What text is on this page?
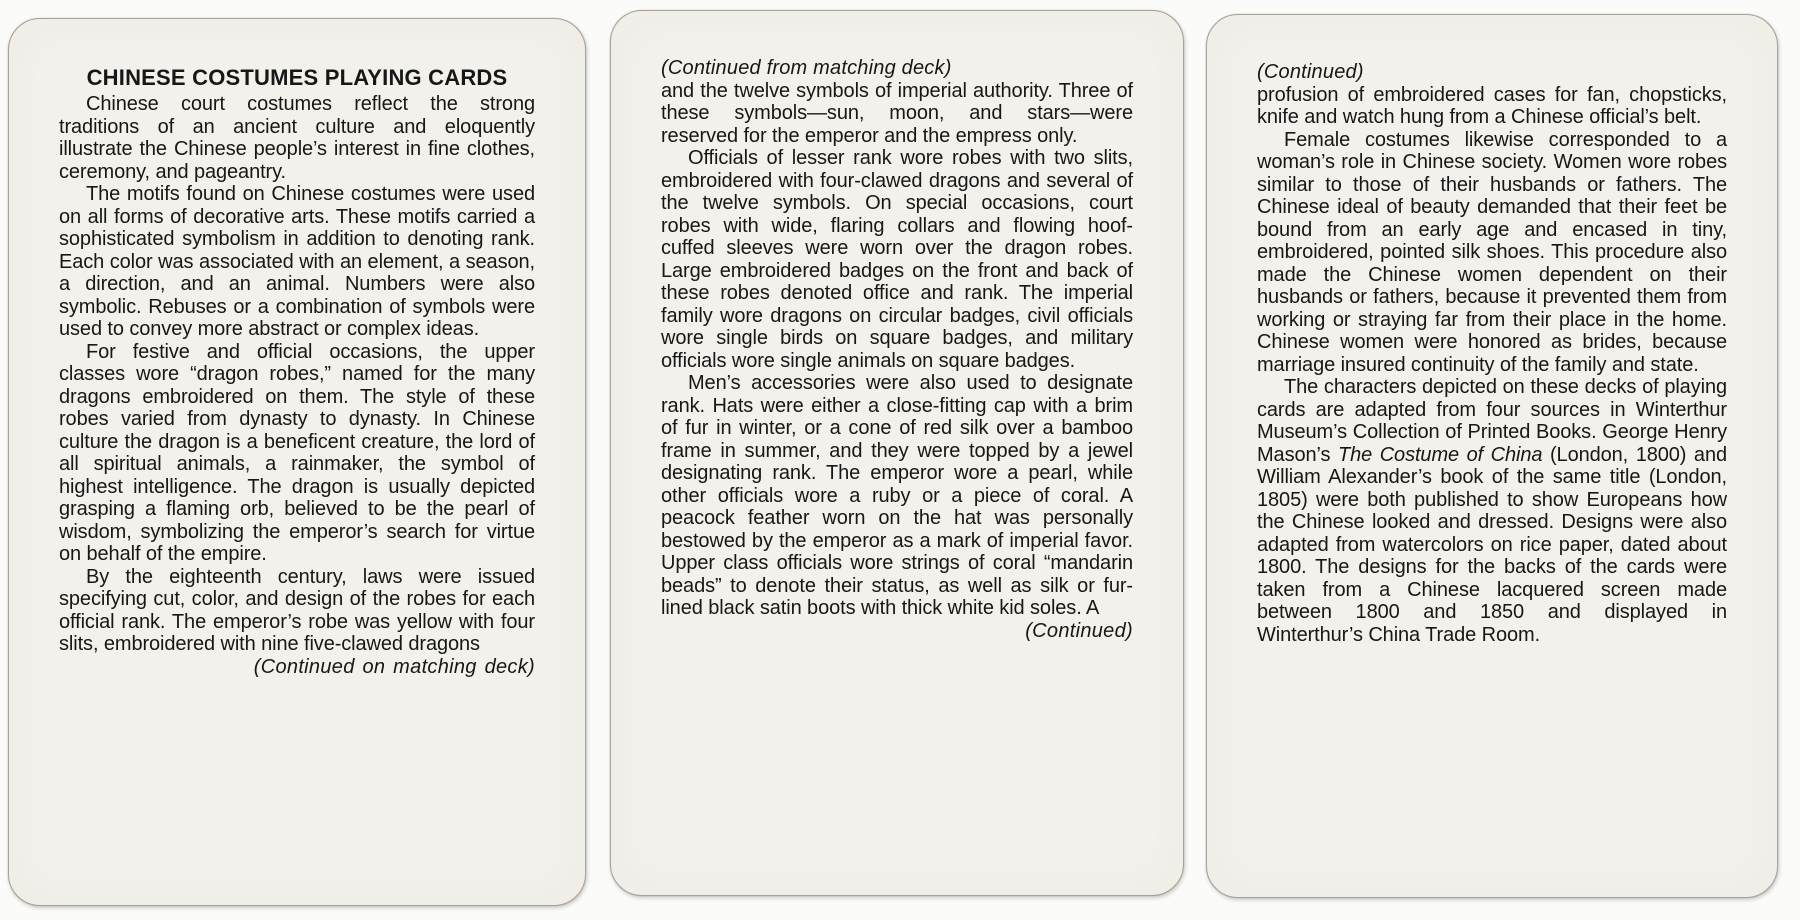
CHINESE COSTUMES PLAYING CARDS

Chinese court costumes reflect the strong traditions of an ancient culture and eloquently illustrate the Chinese people’s interest in fine clothes, ceremony, and pageantry.

The motifs found on Chinese costumes were used on all forms of decorative arts. These motifs carried a sophisticated symbolism in addition to denoting rank. Each color was associated with an element, a season, a direction, and an animal. Numbers were also symbolic. Rebuses or a combination of symbols were used to convey more abstract or complex ideas.

For festive and official occasions, the upper classes wore “dragon robes,” named for the many dragons embroidered on them. The style of these robes varied from dynasty to dynasty. In Chinese culture the dragon is a beneficent creature, the lord of all spiritual animals, a rainmaker, the symbol of highest intelligence. The dragon is usually depicted grasping a flaming orb, believed to be the pearl of wisdom, symbolizing the emperor’s search for virtue on behalf of the empire.

By the eighteenth century, laws were issued specifying cut, color, and design of the robes for each official rank. The emperor’s robe was yellow with four slits, embroidered with nine five-clawed dragons

(Continued on matching deck)
(Continued from matching deck)

and the twelve symbols of imperial authority. Three of these symbols—sun, moon, and stars—were reserved for the emperor and the empress only.

Officials of lesser rank wore robes with two slits, embroidered with four-clawed dragons and several of the twelve symbols. On special occasions, court robes with wide, flaring collars and flowing hoof-cuffed sleeves were worn over the dragon robes. Large embroidered badges on the front and back of these robes denoted office and rank. The imperial family wore dragons on circular badges, civil officials wore single birds on square badges, and military officials wore single animals on square badges.

Men’s accessories were also used to designate rank. Hats were either a close-fitting cap with a brim of fur in winter, or a cone of red silk over a bamboo frame in summer, and they were topped by a jewel designating rank. The emperor wore a pearl, while other officials wore a ruby or a piece of coral. A peacock feather worn on the hat was personally bestowed by the emperor as a mark of imperial favor. Upper class officials wore strings of coral “mandarin beads” to denote their status, as well as silk or fur-lined black satin boots with thick white kid soles. A

(Continued)
(Continued)

profusion of embroidered cases for fan, chopsticks, knife and watch hung from a Chinese official’s belt.

Female costumes likewise corresponded to a woman’s role in Chinese society. Women wore robes similar to those of their husbands or fathers. The Chinese ideal of beauty demanded that their feet be bound from an early age and encased in tiny, embroidered, pointed silk shoes. This procedure also made the Chinese women dependent on their husbands or fathers, because it prevented them from working or straying far from their place in the home. Chinese women were honored as brides, because marriage insured continuity of the family and state.

The characters depicted on these decks of playing cards are adapted from four sources in Winterthur Museum’s Collection of Printed Books. George Henry Mason’s The Costume of China (London, 1800) and William Alexander’s book of the same title (London, 1805) were both published to show Europeans how the Chinese looked and dressed. Designs were also adapted from watercolors on rice paper, dated about 1800. The designs for the backs of the cards were taken from a Chinese lacquered screen made between 1800 and 1850 and displayed in Winterthur’s China Trade Room.
